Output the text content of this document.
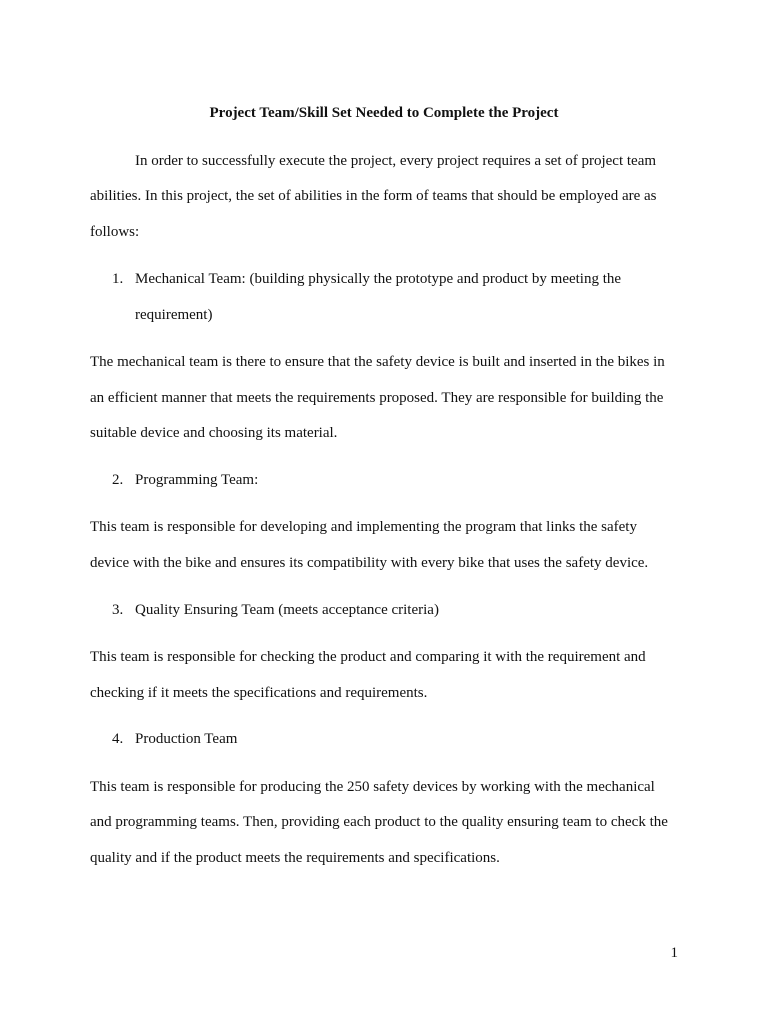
Project Team/Skill Set Needed to Complete the Project
In order to successfully execute the project, every project requires a set of project team
abilities. In this project, the set of abilities in the form of teams that should be employed are as
follows:
1. Mechanical Team: (building physically the prototype and product by meeting the
requirement)
The mechanical team is there to ensure that the safety device is built and inserted in the bikes in
an efficient manner that meets the requirements proposed. They are responsible for building the
suitable device and choosing its material.
2. Programming Team:
This team is responsible for developing and implementing the program that links the safety
device with the bike and ensures its compatibility with every bike that uses the safety device.
3. Quality Ensuring Team (meets acceptance criteria)
This team is responsible for checking the product and comparing it with the requirement and
checking if it meets the specifications and requirements.
4. Production Team
This team is responsible for producing the 250 safety devices by working with the mechanical
and programming teams. Then, providing each product to the quality ensuring team to check the
quality and if the product meets the requirements and specifications.
1
